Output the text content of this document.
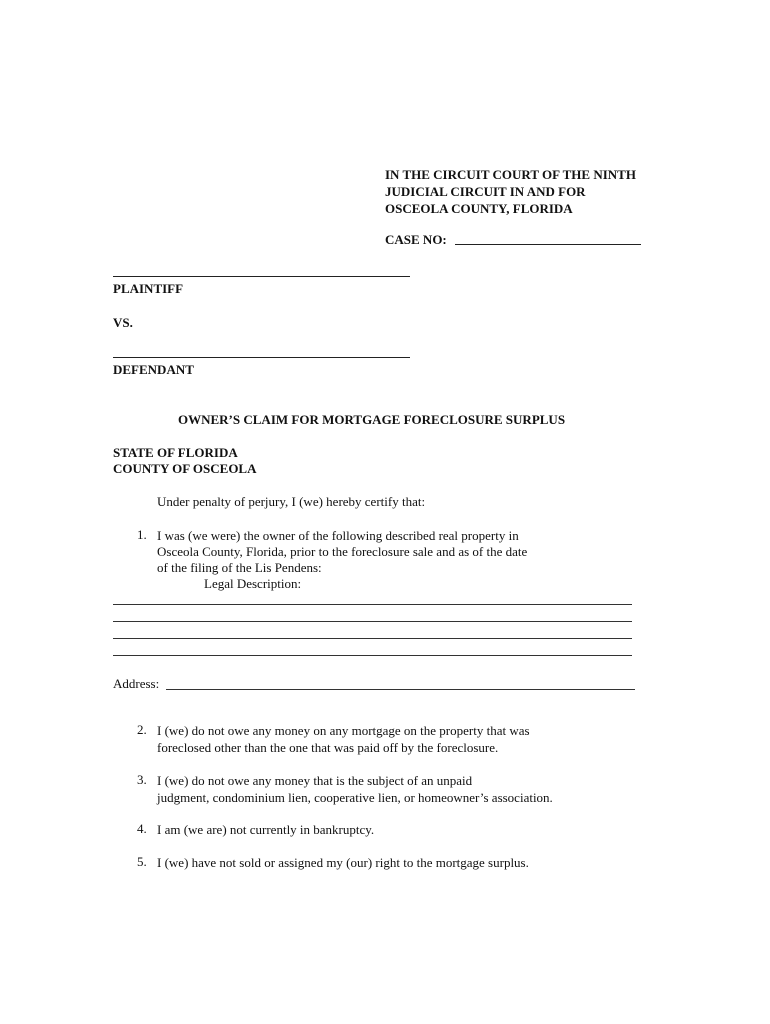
IN THE CIRCUIT COURT OF THE NINTH
JUDICIAL CIRCUIT IN AND FOR
OSCEOLA COUNTY, FLORIDA
CASE NO:
PLAINTIFF
VS.
DEFENDANT
OWNER’S CLAIM FOR MORTGAGE FORECLOSURE SURPLUS
STATE OF FLORIDA
COUNTY OF OSCEOLA
Under penalty of perjury, I (we) hereby certify that:
1. I was (we were) the owner of the following described real property in
Osceola County, Florida, prior to the foreclosure sale and as of the date
of the filing of the Lis Pendens:
Legal Description:
Address:
2. I (we) do not owe any money on any mortgage on the property that was
foreclosed other than the one that was paid off by the foreclosure.
3. I (we) do not owe any money that is the subject of an unpaid
judgment, condominium lien, cooperative lien, or homeowner’s association.
4. I am (we are) not currently in bankruptcy.
5. I (we) have not sold or assigned my (our) right to the mortgage surplus.
